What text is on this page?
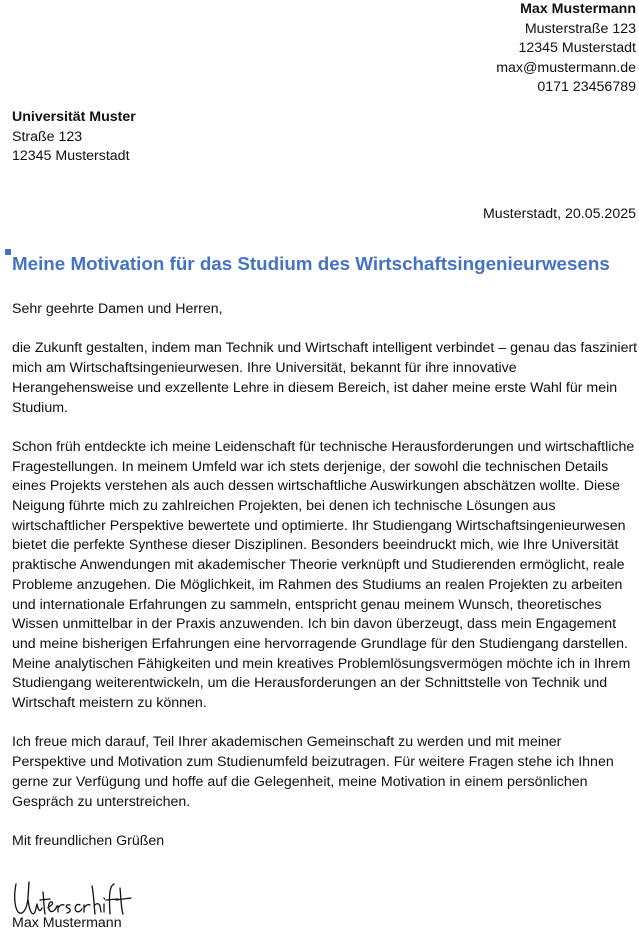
Max Mustermann
Musterstraße 123
12345 Musterstadt
max@mustermann.de
0171 23456789
Universität Muster
Straße 123
12345 Musterstadt
Musterstadt, 20.05.2025
Meine Motivation für das Studium des Wirtschaftsingenieurwesens

Sehr geehrte Damen und Herren,

die Zukunft gestalten, indem man Technik und Wirtschaft intelligent verbindet – genau das fasziniert mich am Wirtschaftsingenieurwesen. Ihre Universität, bekannt für ihre innovative Herangehensweise und exzellente Lehre in diesem Bereich, ist daher meine erste Wahl für mein Studium.

Schon früh entdeckte ich meine Leidenschaft für technische Herausforderungen und wirtschaftliche Fragestellungen. In meinem Umfeld war ich stets derjenige, der sowohl die technischen Details eines Projekts verstehen als auch dessen wirtschaftliche Auswirkungen abschätzen wollte. Diese Neigung führte mich zu zahlreichen Projekten, bei denen ich technische Lösungen aus wirtschaftlicher Perspektive bewertete und optimierte. Ihr Studiengang Wirtschaftsingenieurwesen bietet die perfekte Synthese dieser Disziplinen. Besonders beeindruckt mich, wie Ihre Universität praktische Anwendungen mit akademischer Theorie verknüpft und Studierenden ermöglicht, reale Probleme anzugehen. Die Möglichkeit, im Rahmen des Studiums an realen Projekten zu arbeiten und internationale Erfahrungen zu sammeln, entspricht genau meinem Wunsch, theoretisches Wissen unmittelbar in der Praxis anzuwenden. Ich bin davon überzeugt, dass mein Engagement und meine bisherigen Erfahrungen eine hervorragende Grundlage für den Studiengang darstellen. Meine analytischen Fähigkeiten und mein kreatives Problemlösungsvermögen möchte ich in Ihrem Studiengang weiterentwickeln, um die Herausforderungen an der Schnittstelle von Technik und Wirtschaft meistern zu können.

Ich freue mich darauf, Teil Ihrer akademischen Gemeinschaft zu werden und mit meiner Perspektive und Motivation zum Studienumfeld beizutragen. Für weitere Fragen stehe ich Ihnen gerne zur Verfügung und hoffe auf die Gelegenheit, meine Motivation in einem persönlichen Gespräch zu unterstreichen.

Mit freundlichen Grüßen

Max Mustermann
